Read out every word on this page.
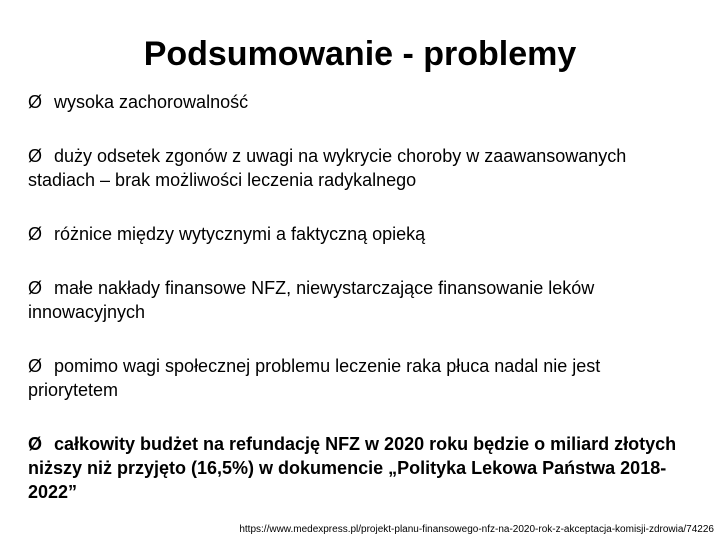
Podsumowanie - problemy
Ø wysoka zachorowalność
Ø duży odsetek zgonów z uwagi na wykrycie choroby w zaawansowanych stadiach – brak możliwości leczenia radykalnego
Ø różnice między wytycznymi a faktyczną opieką
Ø małe nakłady finansowe NFZ, niewystarczające finansowanie leków innowacyjnych
Ø pomimo wagi społecznej problemu leczenie raka płuca nadal nie jest priorytetem
Ø całkowity budżet na refundację NFZ w 2020 roku będzie o miliard złotych niższy niż przyjęto (16,5%) w dokumencie „Polityka Lekowa Państwa 2018-2022”
https://www.medexpress.pl/projekt-planu-finansowego-nfz-na-2020-rok-z-akceptacja-komisji-zdrowia/74226
